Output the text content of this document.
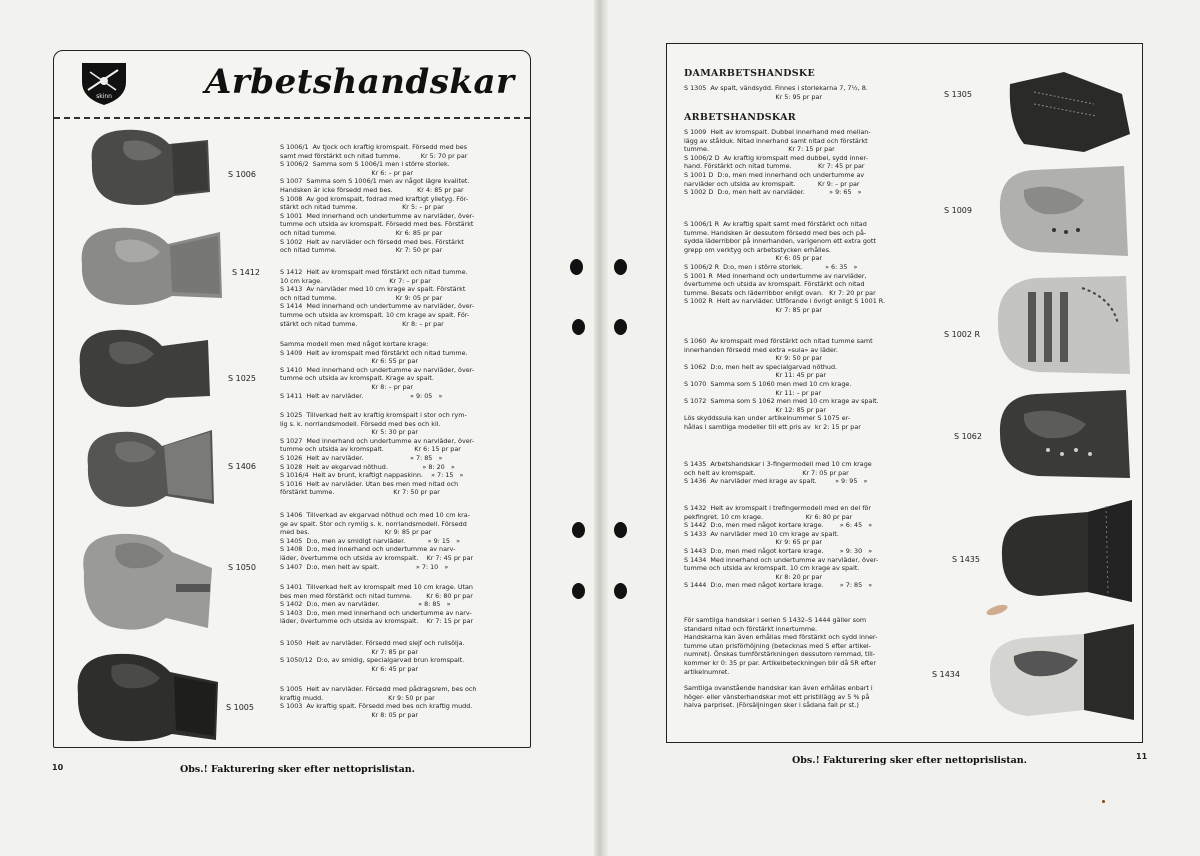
skinn	Arbetshandskar
S 1006
S 1412
S 1025
S 1406
S 1050
S 1005
S 1006/1  Av tjock och kraftig kromspalt. Försedd med bes
samt med förstärkt och nitad tumme.          Kr 5: 70 pr par
S 1006/2  Samma som S 1006/1 men i större storlek.
Kr 6: – pr par
S 1007  Samma som S 1006/1 men av något lägre kvalitet.
Handsken är icke försedd med bes.            Kr 4: 85 pr par
S 1008  Av god kromspalt, fodrad med kraftigt ylletyg. För-
stärkt och nitad tumme.                      Kr 5: – pr par
S 1001  Med innerhand och undertumme av narvläder, över-
tumme och utsida av kromspalt. Försedd med bes. Förstärkt
och nitad tumme.                             Kr 6: 85 pr par
S 1002  Helt av narvläder och försedd med bes. Förstärkt
och nitad tumme.                             Kr 7: 50 pr par
S 1412  Helt av kromspalt med förstärkt och nitad tumme.
10 cm krage.                                 Kr 7: – pr par
S 1413  Av narvläder med 10 cm krage av spalt. Förstärkt
och nitad tumme.                             Kr 9: 05 pr par
S 1414  Med innerhand och undertumme av narvläder, över-
tumme och utsida av kromspalt. 10 cm krage av spalt. För-
stärkt och nitad tumme.                      Kr 8: – pr par
Samma modell men med något kortare krage:
S 1409  Helt av kromspalt med förstärkt och nitad tumme.
Kr 6: 55 pr par
S 1410  Med innerhand och undertumme av narvläder, över-
tumme och utsida av kromspalt. Krage av spalt.
Kr 8: – pr par
S 1411  Helt av narvläder.                       » 9: 05   »
S 1025  Tillverkad helt av kraftig kromspalt i stor och rym-
lig s. k. norrlandsmodell. Försedd med bes och kil.
Kr 5: 30 pr par
S 1027  Med innerhand och undertumme av narvläder, över-
tumme och utsida av kromspalt.               Kr 6: 15 pr par
S 1026  Helt av narvläder.                       » 7: 85   »
S 1028  Helt av ekgarvad nöthud.                 » 8: 20   »
S 1016/4  Helt av brunt, kraftigt nappaskinn.    » 7: 15   »
S 1016  Helt av narvläder. Utan bes men med nitad och
förstärkt tumme.                             Kr 7: 50 pr par
S 1406  Tillverkad av ekgarvad nöthud och med 10 cm kra-
ge av spalt. Stor och rymlig s. k. norrlandsmodell. Försedd
med bes.                                     Kr 9: 85 pr par
S 1405  D:o, men av smidigt narvläder.           » 9: 15   »
S 1408  D:o, med innerhand och undertumme av narv-
läder, övertumme och utsida av kromspalt.    Kr 7: 45 pr par
S 1407  D:o, men helt av spalt.                  » 7: 10   »
S 1401  Tillverkad helt av kromspalt med 10 cm krage. Utan
bes men med förstärkt och nitad tumme.       Kr 6: 80 pr par
S 1402  D:o, men av narvläder.                   » 8: 85   »
S 1403  D:o, men med innerhand och undertumme av narv-
läder, övertumme och utsida av kromspalt.    Kr 7: 15 pr par
S 1050  Helt av narvläder. Försedd med slejf och rullsölja.
Kr 7: 85 pr par
S 1050/12  D:o, av smidig, specialgarvad brun kromspalt.
Kr 6: 45 pr par
S 1005  Helt av narvläder. Försedd med pådragsrem, bes och
kraftig mudd.                                Kr 9: 50 pr par
S 1003  Av kraftig spalt. Försedd med bes och kraftig mudd.
Kr 8: 05 pr par
10	Obs.! Fakturering sker efter nettoprislistan.
DAMARBETSHANDSKE
S 1305  Av spalt, vändsydd. Finnes i storlekarna 7, 7½, 8.
Kr 5: 95 pr par
ARBETSHANDSKAR
S 1009  Helt av kromspalt. Dubbel innerhand med mellan-
lägg av stålduk. Nitad innerhand samt nitad och förstärkt
tumme.                                       Kr 7: 15 pr par
S 1006/2 D  Av kraftig kromspalt med dubbel, sydd inner-
hand. Förstärkt och nitad tumme.             Kr 7: 45 pr par
S 1001 D  D:o, men med innerhand och undertumme av
narvläder och utsida av kromspalt.           Kr 9: – pr par
S 1002 D  D:o, men helt av narvläder.            » 9: 65   »
S 1006/1 R  Av kraftig spalt samt med förstärkt och nitad
tumme. Handsken är dessutom försedd med bes och på-
sydda läderribbor på innerhanden, varigenom ett extra gott
grepp om verktyg och arbetsstycken erhålles.
Kr 6: 05 pr par
S 1006/2 R  D:o, men i större storlek.           » 6: 35   »
S 1001 R  Med innerhand och undertumme av narvläder,
övertumme och utsida av kromspalt. Förstärkt och nitad
tumme. Besats och läderribbor enligt ovan.   Kr 7: 20 pr par
S 1002 R  Helt av narvläder. Utförande i övrigt enligt S 1001 R.
Kr 7: 85 pr par
S 1060  Av kromspalt med förstärkt och nitad tumme samt
innerhanden försedd med extra »sula» av läder.
Kr 9: 50 pr par
S 1062  D:o, men helt av specialgarvad nöthud.
Kr 11: 45 pr par
S 1070  Samma som S 1060 men med 10 cm krage.
Kr 11: – pr par
S 1072  Samma som S 1062 men med 10 cm krage av spalt.
Kr 12: 85 pr par
Lös skyddssula kan under artikelnummer S 1075 er-
hållas i samtliga modeller till ett pris av  kr 2: 15 pr par
S 1435  Arbetshandskar i 3-fingermodell med 10 cm krage
och helt av kromspalt.                       Kr 7: 05 pr par
S 1436  Av narvläder med krage av spalt.         » 9: 95   »
S 1432  Helt av kromspalt i trefingermodell med en del för
pekfingret. 10 cm krage.                     Kr 6: 80 pr par
S 1442  D:o, men med något kortare krage.        » 6: 45   »
S 1433  Av narvläder med 10 cm krage av spalt.
Kr 9: 65 pr par
S 1443  D:o, men med något kortare krage.        » 9: 30   »
S 1434  Med innerhand och undertumme av narvläder, över-
tumme och utsida av kromspalt. 10 cm krage av spalt.
Kr 8: 20 pr par
S 1444  D:o, men med något kortare krage.        » 7: 85   »
För samtliga handskar i serien S 1432–S 1444 gäller som
standard nitad och förstärkt innertumme.
Handskarna kan även erhållas med förstärkt och sydd inner-
tumme utan prisförhöjning (betecknas med S efter artikel-
numret). Önskas tumförstärkningen dessutom remmad, till-
kommer kr 0: 35 pr par. Artikelbeteckningen blir då SR efter
artikelnumret.
Samtliga ovanstående handskar kan även erhållas enbart i
höger- eller vänsterhandskar mot ett pristillägg av 5 % på
halva parpriset. (Försäljningen sker i sådana fall pr st.)
S 1305
S 1009
S 1002 R
S 1062
S 1435
S 1434
Obs.! Fakturering sker efter nettoprislistan.	11
